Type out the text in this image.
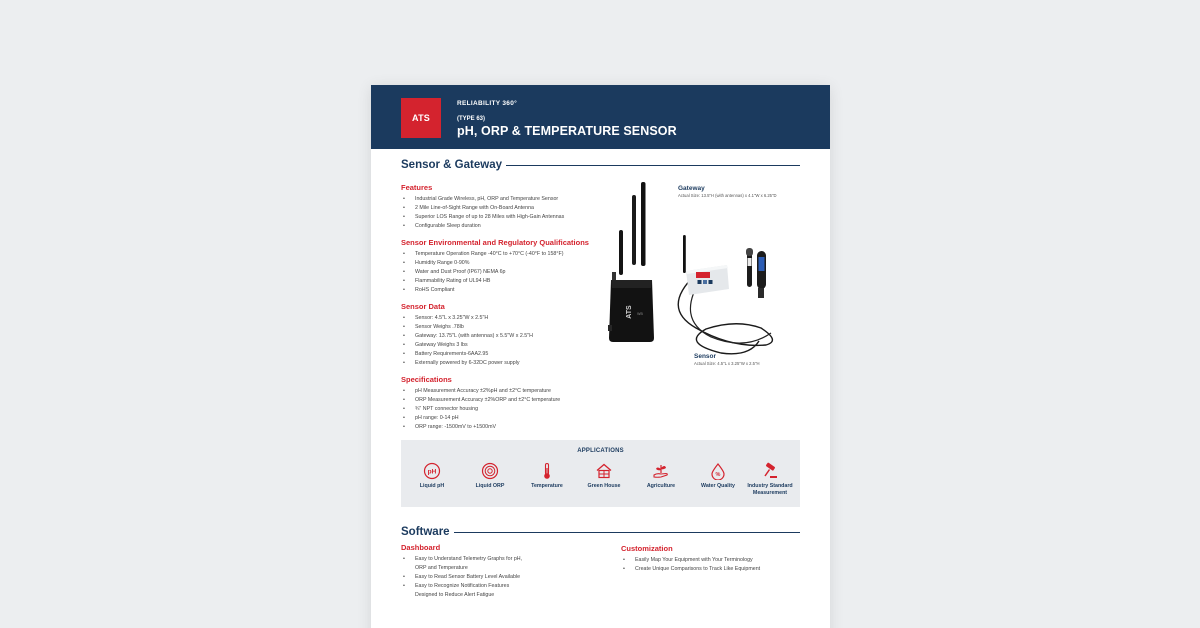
ATS
RELIABILITY 360°
(TYPE 63)
pH, ORP & TEMPERATURE SENSOR
Sensor & Gateway
Features
• Industrial Grade Wireless, pH, ORP and Temperature Sensor
• 2 Mile Line-of-Sight Range with On-Board Antenna
• Superior LOS Range of up to 28 Miles with High-Gain Antennas
• Configurable Sleep duration
Sensor Environmental and Regulatory Qualifications
• Temperature Operation Range -40°C to +70°C (-40°F to 158°F)
• Humidity Range 0-90%
• Water and Dust Proof (IP67) NEMA 6p
• Flammability Rating of UL94 HB
• RoHS Compliant
Sensor Data
• Sensor: 4.5"L x 3.25"W x 2.5"H
• Sensor Weighs .78lb
• Gateway: 13.75"L (with antennas) x 5.5"W x 2.5"H
• Gateway Weighs 3 lbs
• Battery Requirements-6AA2.95
• Externally powered by 6-32DC power supply
Specifications
• pH Measurement Accuracy ±2%pH and ±2°C temperature
• ORP Measurement Accuracy ±2%ORP and ±2°C temperature
• ¾" NPT connector housing
• pH range: 0-14 pH
• ORP range: -1500mV to +1500mV
ATS WB
Gateway
Actual Size: 13.5"H (with antennas) x 4.1"W x 6.25"D
Sensor
Actual Size: 4.5"L x 3.25"W x 2.5"H
APPLICATIONS
pH
Liquid pH	Liquid ORP	Temperature	Green House	Agriculture
%
Water Quality	Industry Standard Measurement
Software
Dashboard
• Easy to Understand Telemetry Graphs for pH,
ORP and Temperature
• Easy to Read Sensor Battery Level Available
• Easy to Recognize Notification Features
Designed to Reduce Alert Fatigue
Customization
• Easily Map Your Equipment with Your Terminology
• Create Unique Comparisons to Track Like Equipment
